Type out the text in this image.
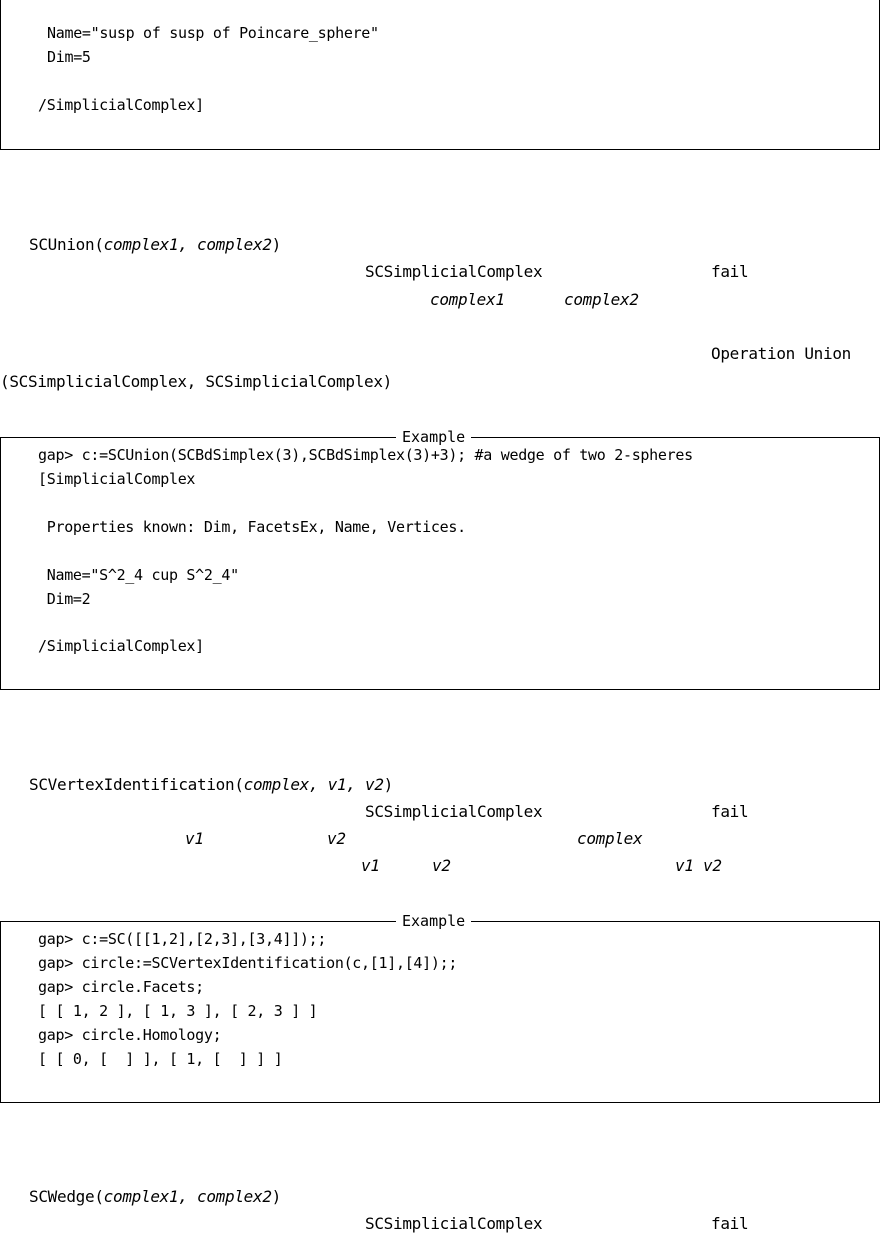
Name="susp of susp of Poincare_sphere"
Dim=5
/SimplicialComplex]
SCUnion(complex1, complex2)
SCSimplicialComplex	fail
complex1	complex2
Operation Union
(SCSimplicialComplex, SCSimplicialComplex)
Example
gap> c:=SCUnion(SCBdSimplex(3),SCBdSimplex(3)+3); #a wedge of two 2-spheres
[SimplicialComplex
Properties known: Dim, FacetsEx, Name, Vertices.
Name="S^2_4 cup S^2_4"
Dim=2
/SimplicialComplex]
SCVertexIdentification(complex, v1, v2)
SCSimplicialComplex	fail
v1	v2	complex
v1	v2	v1 v2
Example
gap> c:=SC([[1,2],[2,3],[3,4]]);;
gap> circle:=SCVertexIdentification(c,[1],[4]);;
gap> circle.Facets;
[ [ 1, 2 ], [ 1, 3 ], [ 2, 3 ] ]
gap> circle.Homology;
[ [ 0, [  ] ], [ 1, [  ] ] ]
SCWedge(complex1, complex2)
SCSimplicialComplex	fail
